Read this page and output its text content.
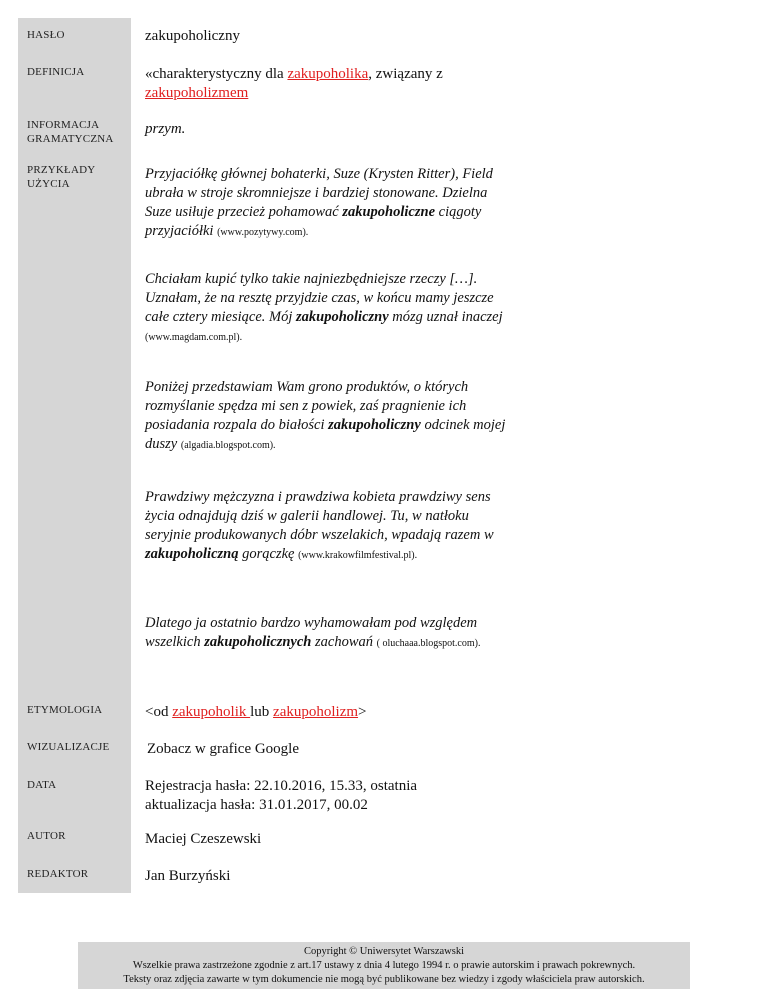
HASŁO
DEFINICJA
INFORMACJA
GRAMATYCZNA
PRZYKŁADY
UŻYCIA
ETYMOLOGIA
WIZUALIZACJE
DATA
AUTOR
REDAKTOR
zakupoholiczny
«charakterystyczny dla zakupoholika, związany z
zakupoholizmem
przym.
Przyjaciółkę głównej bohaterki, Suze (Krysten Ritter), Field ubrała w stroje skromniejsze i bardziej stonowane. Dzielna Suze usiłuje przecież pohamować zakupoholiczne ciągoty przyjaciółki (www.pozytywy.com).
Chciałam kupić tylko takie najniezbędniejsze rzeczy […]. Uznałam, że na resztę przyjdzie czas, w końcu mamy jeszcze całe cztery miesiące. Mój zakupoholiczny mózg uznał inaczej (www.magdam.com.pl).
Poniżej przedstawiam Wam grono produktów, o których rozmyślanie spędza mi sen z powiek, zaś pragnienie ich posiadania rozpala do białości zakupoholiczny odcinek mojej duszy (algadia.blogspot.com).
Prawdziwy mężczyzna i prawdziwa kobieta prawdziwy sens życia odnajdują dziś w galerii handlowej. Tu, w natłoku seryjnie produkowanych dóbr wszelakich, wpadają razem w zakupoholiczną gorączkę (www.krakowfilmfestival.pl).
Dlatego ja ostatnio bardzo wyhamowałam pod względem wszelkich zakupoholicznych zachowań ( oluchaaa.blogspot.com).
<od zakupoholik lub zakupoholizm>
Zobacz w grafice Google
Rejestracja hasła: 22.10.2016, 15.33, ostatnia
aktualizacja hasła: 31.01.2017, 00.02
Maciej Czeszewski
Jan Burzyński
Copyright © Uniwersytet Warszawski
Wszelkie prawa zastrzeżone zgodnie z art.17 ustawy z dnia 4 lutego 1994 r. o prawie autorskim i prawach pokrewnych.
Teksty oraz zdjęcia zawarte w tym dokumencie nie mogą być publikowane bez wiedzy i zgody właściciela praw autorskich.
